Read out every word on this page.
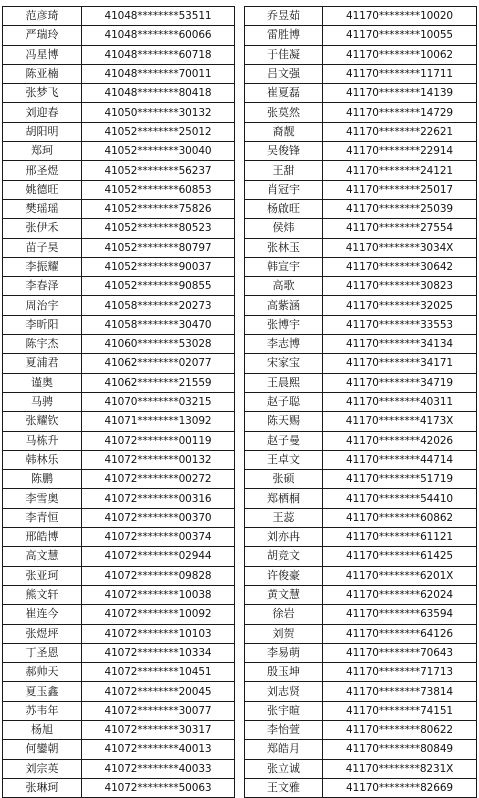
范彦琦	41048********53511
严瑞玲	41048********60066
冯星博	41048********60718
陈亚楠	41048********70011
张梦飞	41048********80418
刘迎春	41050********30132
胡阳明	41052********25012
郑珂	41052********30040
邢圣煜	41052********56237
姚德旺	41052********60853
樊瑶瑶	41052********75826
张伊禾	41052********80523
苗子昊	41052********80797
李振耀	41052********90037
李春泽	41052********90855
周治宇	41058********20273
李昕阳	41058********30470
陈宇杰	41060********53028
夏浦君	41062********02077
谨奥	41062********21559
马骋	41070********03215
张耀钦	41071********13092
马栋升	41072********00119
韩林乐	41072********00132
陈鹏	41072********00272
李雪奥	41072********00316
李青恒	41072********00370
邢皓博	41072********00374
高文慧	41072********02944
张亚珂	41072********09828
熊文轩	41072********10038
崔连今	41072********10092
张煜坪	41072********10103
丁圣恩	41072********10334
郝帅天	41072********10451
夏玉鑫	41072********20045
苏韦年	41072********30077
杨旭	41072********30317
何鑾朝	41072********40013
刘宗英	41072********40033
张琳珂	41072********50063
乔昱茹	41170********10020
雷胜博	41170********10055
于佳凝	41170********10062
吕文强	41170********11711
崔夏磊	41170********14139
张莫然	41170********14729
裔靓	41170********22621
吴俊锋	41170********22914
王甜	41170********24121
肖冠宇	41170********25017
杨啟旺	41170********25039
侯炜	41170********27554
张林玉	41170********3034X
韩宣宇	41170********30642
高歌	41170********30823
高紫涵	41170********32025
张博宇	41170********33553
李志博	41170********34134
宋家宝	41170********34171
王晨熙	41170********34719
赵子聪	41170********40311
陈天赐	41170********4173X
赵子曼	41170********42026
王卓文	41170********44714
张硕	41170********51719
郑栖桐	41170********54410
王蕊	41170********60862
刘亦冉	41170********61121
胡竞文	41170********61425
许俊豪	41170********6201X
黄文慧	41170********62024
徐岩	41170********63594
刘贺	41170********64126
李易萌	41170********70643
殷玉坤	41170********71713
刘志贤	41170********73814
张宇暄	41170********74151
李怡萱	41170********80622
郑皓月	41170********80849
张立诚	41170********8231X
王文雅	41170********82669
